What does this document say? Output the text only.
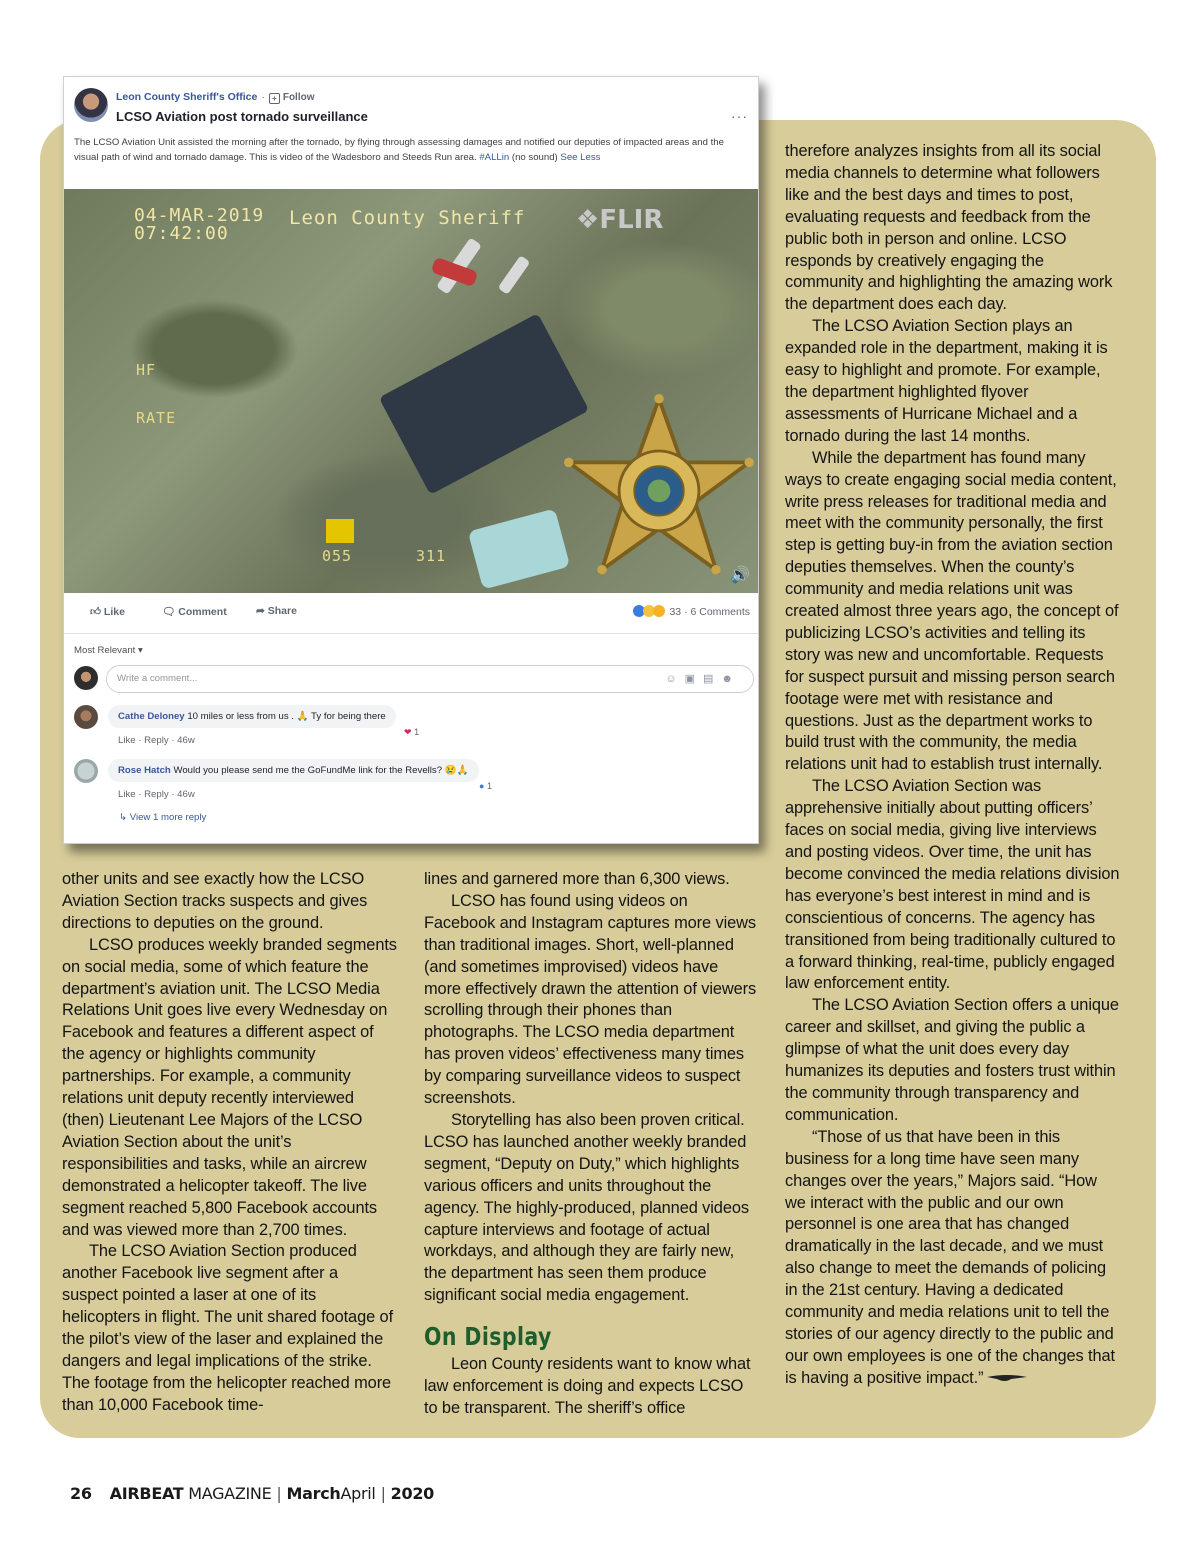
Leon County Sheriff's Office · + Follow
LCSO Aviation post tornado surveillance	···
The LCSO Aviation Unit assisted the morning after the tornado, by flying through assessing damages and notified our deputies of impacted areas and the visual path of wind and tornado damage. This is video of the Wadesboro and Steeds Run area. #ALLin (no sound) See Less
04-MAR-2019
07:42:00
Leon County Sheriff ❖FLIR
HF
RATE
055	311
🔊
👍︎ Like	🗨︎ Comment	➦ Share	33 · 6 Comments
Most Relevant ▾
Write a comment...	☺▣▤☻
Cathe Deloney 10 miles or less from us . 🙏 Ty for being there
Like · Reply · 46w
❤ 1
Rose Hatch Would you please send me the GoFundMe link for the Revells? 😢🙏
Like · Reply · 46w
● 1
↳ View 1 more reply

other units and see exactly how the LCSO Aviation Section tracks suspects and gives directions to deputies on the ground.

LCSO produces weekly branded segments on social media, some of which feature the department’s aviation unit. The LCSO Media Relations Unit goes live every Wednesday on Facebook and features a different aspect of the agency or highlights community partnerships. For example, a community relations unit deputy recently interviewed (then) Lieutenant Lee Majors of the LCSO Aviation Section about the unit’s responsibilities and tasks, while an aircrew demonstrated a helicopter takeoff. The live segment reached 5,800 Facebook accounts and was viewed more than 2,700 times.

The LCSO Aviation Section produced another Facebook live segment after a suspect pointed a laser at one of its helicopters in flight. The unit shared footage of the pilot’s view of the laser and explained the dangers and legal implications of the strike. The footage from the helicopter reached more than 10,000 Facebook time-

lines and garnered more than 6,300 views.

LCSO has found using videos on Facebook and Instagram captures more views than traditional images. Short, well-planned (and sometimes improvised) videos have more effectively drawn the attention of viewers scrolling through their phones than photographs. The LCSO media department has proven videos’ effectiveness many times by comparing surveillance videos to suspect screenshots.

Storytelling has also been proven critical. LCSO has launched another weekly branded segment, “Deputy on Duty,” which highlights various officers and units throughout the agency. The highly-produced, planned videos capture interviews and footage of actual workdays, and although they are fairly new, the department has seen them produce significant social media engagement.

On Display

Leon County residents want to know what law enforcement is doing and expects LCSO to be transparent. The sheriff’s office

therefore analyzes insights from all its social media channels to determine what followers like and the best days and times to post, evaluating requests and feedback from the public both in person and online. LCSO responds by creatively engaging the community and highlighting the amazing work the department does each day.

The LCSO Aviation Section plays an expanded role in the department, making it is easy to highlight and promote. For example, the department highlighted flyover assessments of Hurricane Michael and a tornado during the last 14 months.

While the department has found many ways to create engaging social media content, write press releases for traditional media and meet with the community personally, the first step is getting buy-in from the aviation section deputies themselves. When the county’s community and media relations unit was created almost three years ago, the concept of publicizing LCSO’s activities and telling its story was new and uncomfortable. Requests for suspect pursuit and missing person search footage were met with resistance and questions. Just as the department works to build trust with the community, the media relations unit had to establish trust internally.

The LCSO Aviation Section was apprehensive initially about putting officers’ faces on social media, giving live interviews and posting videos. Over time, the unit has become convinced the media relations division has everyone’s best interest in mind and is conscientious of concerns. The agency has transitioned from being traditionally cultured to a forward thinking, real-time, publicly engaged law enforcement entity.

The LCSO Aviation Section offers a unique career and skillset, and giving the public a glimpse of what the unit does every day humanizes its deputies and fosters trust within the community through transparency and communication.

“Those of us that have been in this business for a long time have seen many changes over the years,” Majors said. “How we interact with the public and our own personnel is one area that has changed dramatically in the last decade, and we must also change to meet the demands of policing in the 21st century. Having a dedicated community and media relations unit to tell the stories of our agency directly to the public and our own employees is one of the changes that is having a positive impact.”

26 AIRBEAT MAGAZINE | MarchApril | 2020
